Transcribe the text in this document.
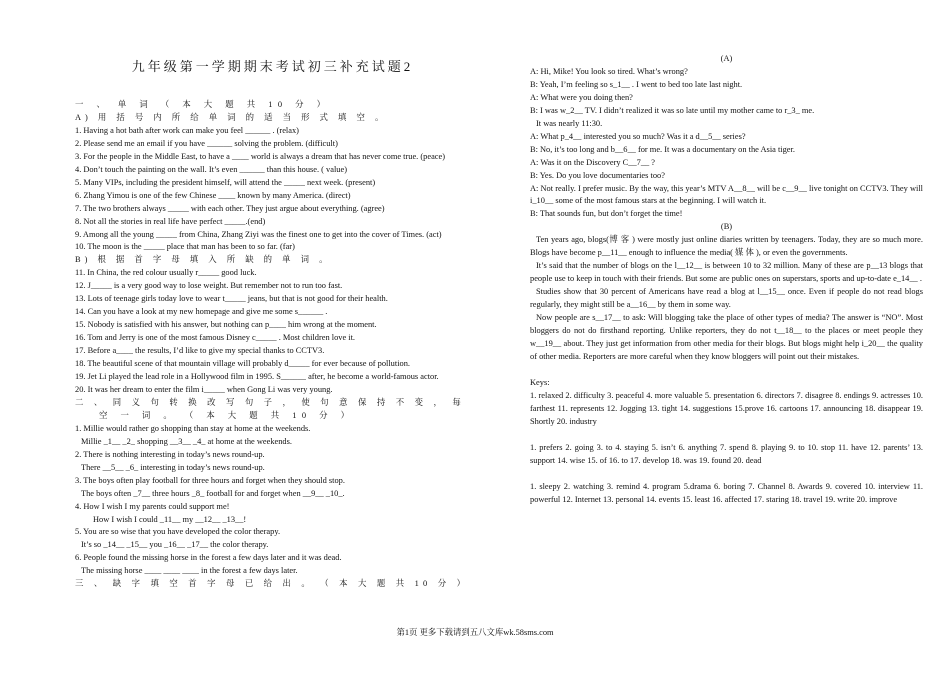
九年级第一学期期末考试初三补充试题2
一 、 单 词 （ 本 大 题 共 10 分 ）
A) 用 括 号 内 所 给 单 词 的 适 当 形 式 填 空 。
1. Having a hot bath after work can make you feel ______ . (relax)
2. Please send me an email if you have ______ solving the problem. (difficult)
3. For the people in the Middle East, to have a ____ world is always a dream that has never come true. (peace)
4. Don’t touch the painting on the wall. It’s even ______ than this house. ( value)
5. Many VIPs, including the president himself, will attend the _____ next week. (present)
6. Zhang Yimou is one of the few Chinese ____ known by many America. (direct)
7. The two brothers always _____ with each other. They just argue about everything. (agree)
8. Not all the stories in real life have perfect _____.(end)
9. Among all the young _____ from China, Zhang Ziyi was the finest one to get into the cover of Times. (act)
10. The moon is the _____ place that man has been to so far. (far)
B) 根 据 首 字 母 填 入 所 缺 的 单 词 。
11. In China, the red colour usually r_____ good luck.
12. J_____ is a very good way to lose weight. But remember not to run too fast.
13. Lots of teenage girls today love to wear t_____ jeans, but that is not good for their health.
14. Can you have a look at my new homepage and give me some s______ .
15. Nobody is satisfied with his answer, but nothing can p____ him wrong at the moment.
16. Tom and Jerry is one of the most famous Disney c_____ . Most children love it.
17. Before a____ the results, I’d like to give my special thanks to CCTV3.
18. The beautiful scene of that mountain village will probably d_____ for ever because of pollution.
19. Jet Li played the lead role in a Hollywood film in 1995. S______ after, he become a world-famous actor.
20. It was her dream to enter the film i_____ when Gong Li was very young.
二 、 同 义 句 转 换 改 写 句 子 ， 使 句 意 保 持 不 变 ， 每
空 一 词 。 （ 本 大 题 共 10 分 ）
1. Millie would rather go shopping than stay at home at the weekends.
Millie _1__ _2_ shopping __3__ _4_ at home at the weekends.
2. There is nothing interesting in today’s news round-up.
There __5__ _6_ interesting in today’s news round-up.
3. The boys often play football for three hours and forget when they should stop.
The boys often _7__ three hours _8_ football for and forget when __9__ _10_.
4. How I wish I my parents could support me!
How I wish I could _11__ my __12__ _13__!
5. You are so wise that you have developed the color therapy.
It’s so _14__ _15__ you _16__ _17__ the color therapy.
6. People found the missing horse in the forest a few days later and it was dead.
The missing horse ____ ____ ____ in the forest a few days later.
三 、 缺 字 填 空 首 字 母 已 给 出 。 （ 本 大 题 共 10 分 ）
(A)
A: Hi, Mike! You look so tired. What’s wrong?
B: Yeah, I’m feeling so s_1__ . I went to bed too late last night.
A: What were you doing then?
B: I was w_2__ TV. I didn’t realized it was so late until my mother came to r_3_ me.
It was nearly 11:30.
A: What p_4__ interested you so much? Was it a d__5__ series?
B: No, it’s too long and b__6__ for me. It was a documentary on the Asia tiger.
A: Was it on the Discovery C__7__ ?
B: Yes. Do you love documentaries too?
A: Not really. I prefer music. By the way, this year’s MTV A__8__ will be c__9__ live tonight on CCTV3. They will i_10__ some of the most famous stars at the beginning. I will watch it.
B: That sounds fun, but don’t forget the time!
(B)
Ten years ago, blogs(博 客 ) were mostly just online diaries written by teenagers. Today, they are so much more. Blogs have become p__11__ enough to influence the media( 媒 体 ), or even the governments.
It’s said that the number of blogs on the l__12__ is between 10 to 32 million. Many of these are p__13 blogs that people use to keep in touch with their friends. But some are public ones on superstars, sports and up-to-date e_14__ .
Studies show that 30 percent of Americans have read a blog at l__15__ once. Even if people do not read blogs regularly, they might still be a__16__ by them in some way.
Now people are s__17__ to ask: Will blogging take the place of other types of media? The answer is “NO”. Most bloggers do not do firsthand reporting. Unlike reporters, they do not t__18__ to the places or meet people they w__19__ about. They just get information from other media for their blogs. But blogs might help i_20__ the quality of other media. Reporters are more careful when they know bloggers will point out their mistakes.
Keys:
1. relaxed 2. difficulty 3. peaceful 4. more valuable 5. presentation 6. directors 7. disagree 8. endings 9. actresses 10. farthest 11. represents 12. Jogging 13. tight 14. suggestions 15.prove 16. cartoons 17. announcing 18. disappear 19. Shortly 20. industry
1. prefers 2. going 3. to 4. staying 5. isn’t 6. anything 7. spend 8. playing 9. to 10. stop 11. have 12. parents’ 13. support 14. wise 15. of 16. to 17. develop 18. was 19. found 20. dead
1. sleepy 2. watching 3. remind 4. program 5.drama 6. boring 7. Channel 8. Awards 9. covered 10. interview 11. powerful 12. Internet 13. personal 14. events 15. least 16. affected 17. staring 18. travel 19. write 20. improve
第1页 更多下载请到五八文库wk.58sms.com
